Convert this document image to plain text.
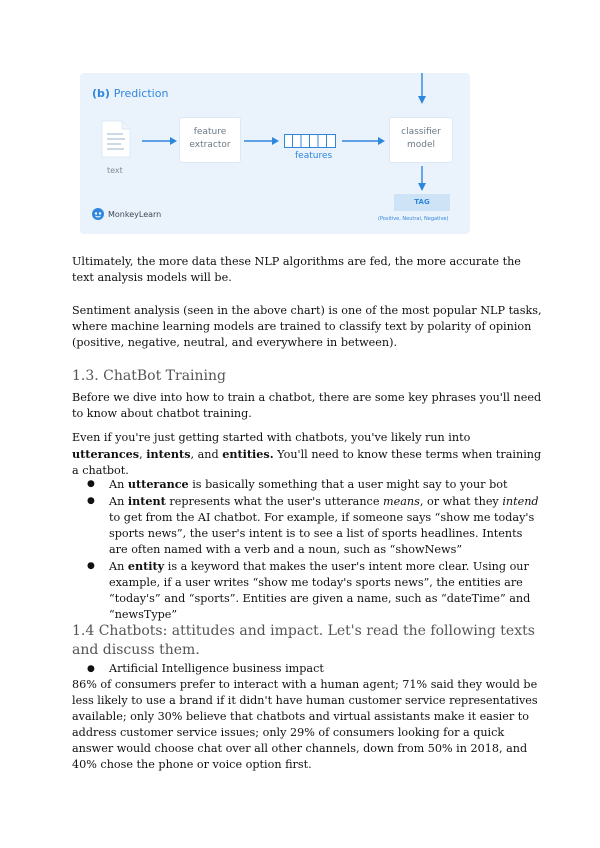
(b) Prediction
text
feature extractor
features
classifier model
TAG
(Positive, Neutral, Negative)
MonkeyLearn

Ultimately, the more data these NLP algorithms are fed, the more accurate the text analysis models will be.

Sentiment analysis (seen in the above chart) is one of the most popular NLP tasks, where machine learning models are trained to classify text by polarity of opinion (positive, negative, neutral, and everywhere in between).

1.3. ChatBot Training

Before we dive into how to train a chatbot, there are some key phrases you'll need to know about chatbot training.

Even if you're just getting started with chatbots, you've likely run into utterances, intents, and entities. You'll need to know these terms when training a chatbot.

● An utterance is basically something that a user might say to your bot
● An intent represents what the user's utterance means, or what they intend to get from the AI chatbot. For example, if someone says “show me today's sports news”, the user's intent is to see a list of sports headlines. Intents are often named with a verb and a noun, such as “showNews”
● An entity is a keyword that makes the user's intent more clear. Using our example, if a user writes “show me today's sports news”, the entities are “today's” and “sports”. Entities are given a name, such as “dateTime” and “newsType”
1.4 Chatbots: attitudes and impact. Let's read the following texts and discuss them.
● Artificial Intelligence business impact

86% of consumers prefer to interact with a human agent; 71% said they would be less likely to use a brand if it didn't have human customer service representatives available; only 30% believe that chatbots and virtual assistants make it easier to address customer service issues; only 29% of consumers looking for a quick answer would choose chat over all other channels, down from 50% in 2018, and 40% chose the phone or voice option first.
